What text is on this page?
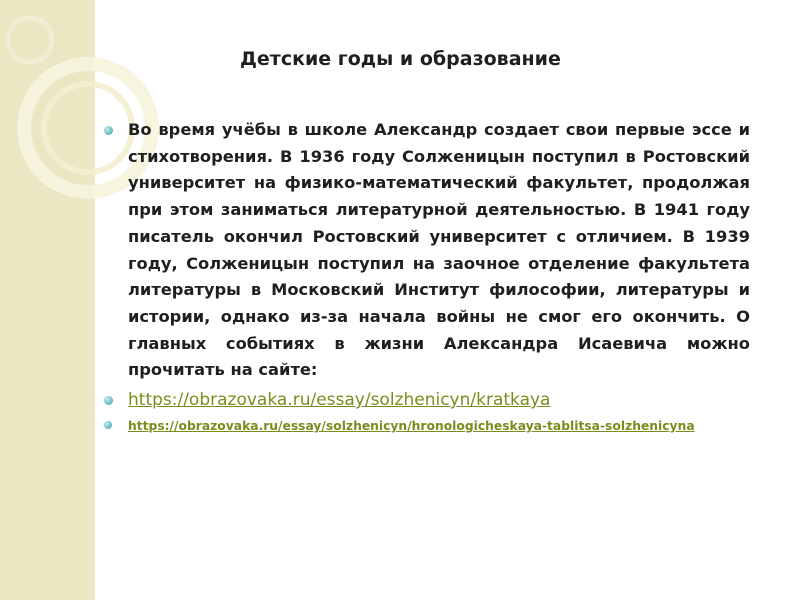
Детские годы и образование
Во время учёбы в школе Александр создает свои первые эссе и стихотворения. В 1936 году Солженицын поступил в Ростовский университет на физико-математический факультет, продолжая при этом заниматься литературной деятельностью. В 1941 году писатель окончил Ростовский университет с отличием. В 1939 году, Солженицын поступил на заочное отделение факультета литературы в Московский Институт философии, литературы и истории, однако из-за начала войны не смог его окончить. О главных событиях в жизни Александра Исаевича можно прочитать на сайте:
https://obrazovaka.ru/essay/solzhenicyn/kratkaya
https://obrazovaka.ru/essay/solzhenicyn/hronologicheskaya-tablitsa-solzhenicyna
